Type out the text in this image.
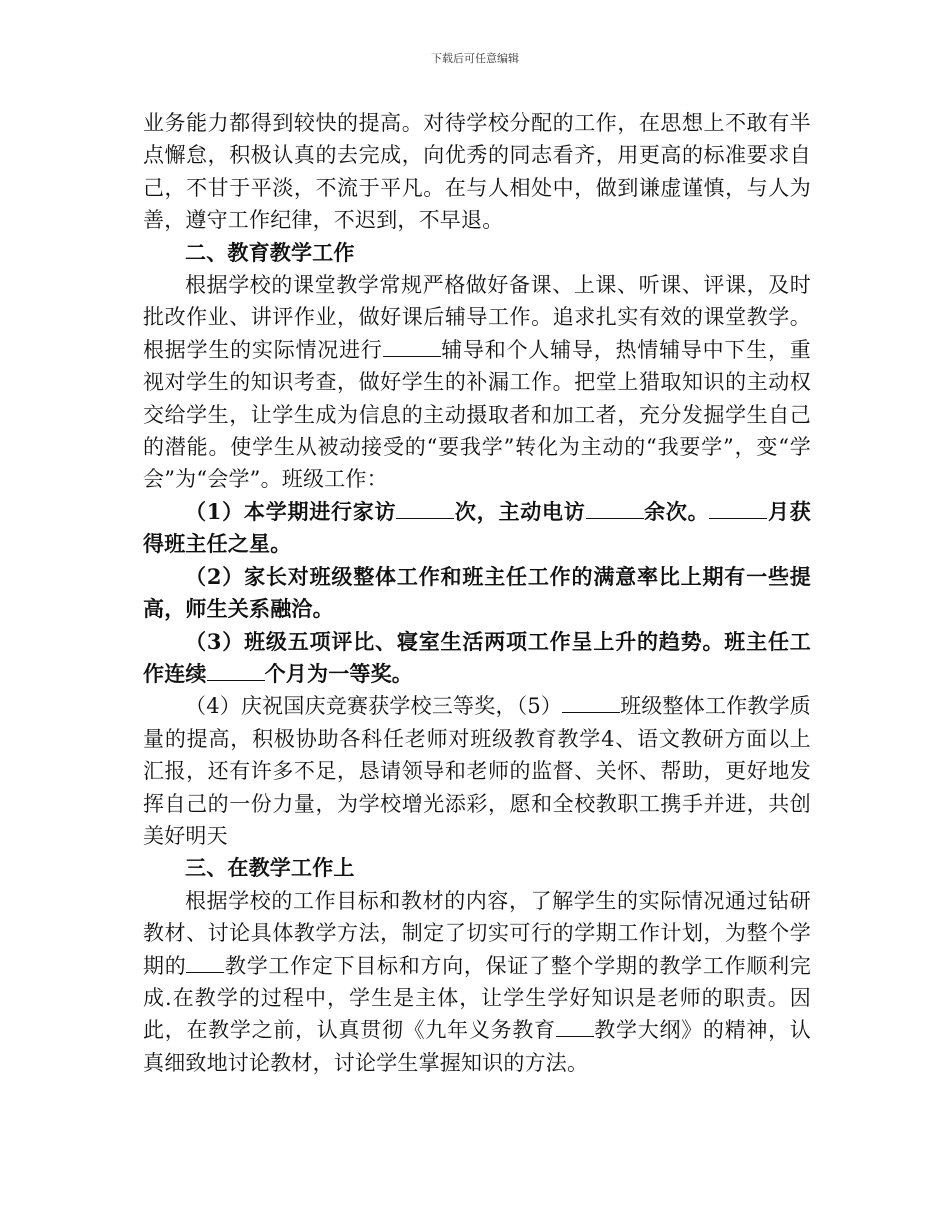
下载后可任意编辑

业务能力都得到较快的提高。对待学校分配的工作，在思想上不敢有半点懈怠，积极认真的去完成，向优秀的同志看齐，用更高的标准要求自己，不甘于平淡，不流于平凡。在与人相处中，做到谦虚谨慎，与人为善，遵守工作纪律，不迟到，不早退。

二、教育教学工作

根据学校的课堂教学常规严格做好备课、上课、听课、评课，及时批改作业、讲评作业，做好课后辅导工作。追求扎实有效的课堂教学。根据学生的实际情况进行	辅导和个人辅导，热情辅导中下生，重视对学生的知识考查，做好学生的补漏工作。把堂上猎取知识的主动权交给学生，让学生成为信息的主动摄取者和加工者，充分发掘学生自己的潜能。使学生从被动接受的“要我学”转化为主动的“我要学”，变“学会”为“会学”。班级工作：

（1）本学期进行家访	次，主动电访	余次。	月获得班主任之星。

（2）家长对班级整体工作和班主任工作的满意率比上期有一些提高，师生关系融洽。

（3）班级五项评比、寝室生活两项工作呈上升的趋势。班主任工作连续	个月为一等奖。

（4）庆祝国庆竞赛获学校三等奖，（5）	班级整体工作教学质量的提高，积极协助各科任老师对班级教育教学4、语文教研方面以上汇报，还有许多不足，恳请领导和老师的监督、关怀、帮助，更好地发挥自己的一份力量，为学校增光添彩，愿和全校教职工携手并进，共创美好明天

三、在教学工作上

根据学校的工作目标和教材的内容，了解学生的实际情况通过钻研教材、讨论具体教学方法，制定了切实可行的学期工作计划，为整个学期的 教学工作定下目标和方向，保证了整个学期的教学工作顺利完成.在教学的过程中，学生是主体，让学生学好知识是老师的职责。因此，在教学之前，认真贯彻《九年义务教育 教学大纲》的精神，认真细致地讨论教材，讨论学生掌握知识的方法。
